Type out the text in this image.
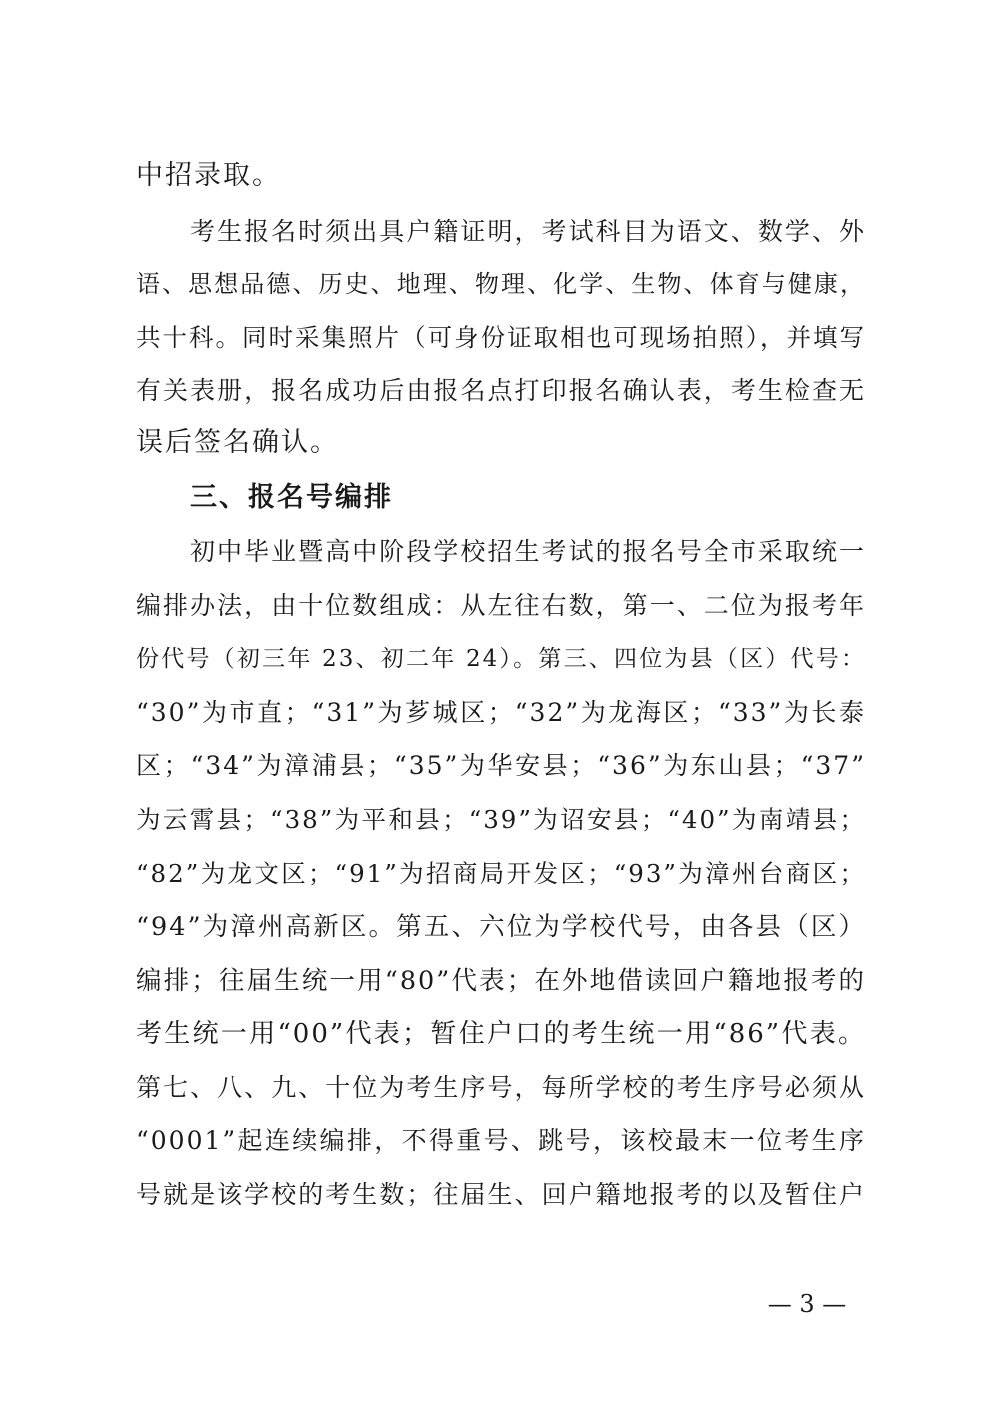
中招录取。
考生报名时须出具户籍证明，考试科目为语文、数学、外
语、思想品德、历史、地理、物理、化学、生物、体育与健康，
共十科。同时采集照片（可身份证取相也可现场拍照），并填写
有关表册，报名成功后由报名点打印报名确认表，考生检查无
误后签名确认。
三、报名号编排
初中毕业暨高中阶段学校招生考试的报名号全市采取统一
编排办法，由十位数组成：从左往右数，第一、二位为报考年
份代号（初三年 23、初二年 24）。第三、四位为县（区）代号：
“30”为市直；“31”为芗城区；“32”为龙海区；“33”为长泰
区；“34”为漳浦县；“35”为华安县；“36”为东山县；“37”
为云霄县；“38”为平和县；“39”为诏安县；“40”为南靖县；
“82”为龙文区；“91”为招商局开发区；“93”为漳州台商区；
“94”为漳州高新区。第五、六位为学校代号，由各县（区）
编排；往届生统一用“80”代表；在外地借读回户籍地报考的
考生统一用“00”代表；暂住户口的考生统一用“86”代表。
第七、八、九、十位为考生序号，每所学校的考生序号必须从
“0001”起连续编排，不得重号、跳号，该校最末一位考生序
号就是该学校的考生数；往届生、回户籍地报考的以及暂住户
— 3 —
